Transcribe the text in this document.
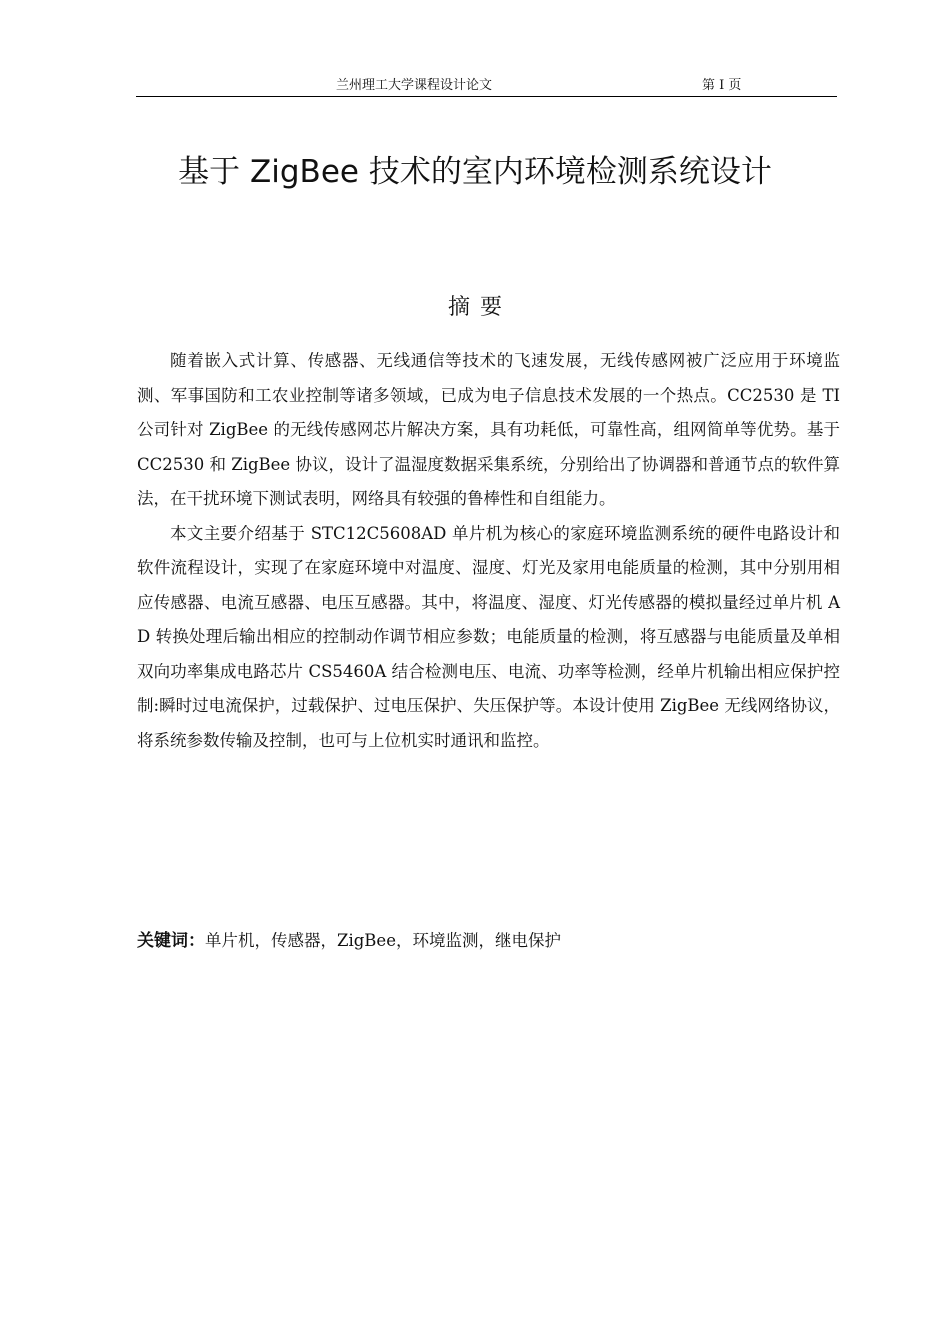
兰州理工大学课程设计论文	第 I 页
基于 ZigBee 技术的室内环境检测系统设计
摘要

随着嵌入式计算、传感器、无线通信等技术的飞速发展，无线传感网被广泛应用于环境监测、军事国防和工农业控制等诸多领域，已成为电子信息技术发展的一个热点。CC2530 是 TI 公司针对 ZigBee 的无线传感网芯片解决方案，具有功耗低，可靠性高，组网简单等优势。基于 CC2530 和 ZigBee 协议，设计了温湿度数据采集系统，分别给出了协调器和普通节点的软件算法，在干扰环境下测试表明，网络具有较强的鲁棒性和自组能力。

本文主要介绍基于 STC12C5608AD 单片机为核心的家庭环境监测系统的硬件电路设计和软件流程设计，实现了在家庭环境中对温度、湿度、灯光及家用电能质量的检测，其中分别用相应传感器、电流互感器、电压互感器。其中，将温度、湿度、灯光传感器的模拟量经过单片机 AD 转换处理后输出相应的控制动作调节相应参数；电能质量的检测，将互感器与电能质量及单相双向功率集成电路芯片 CS5460A 结合检测电压、电流、功率等检测，经单片机输出相应保护控制:瞬时过电流保护，过载保护、过电压保护、失压保护等。本设计使用 ZigBee 无线网络协议，将系统参数传输及控制，也可与上位机实时通讯和监控。

关键词：单片机，传感器，ZigBee，环境监测，继电保护
